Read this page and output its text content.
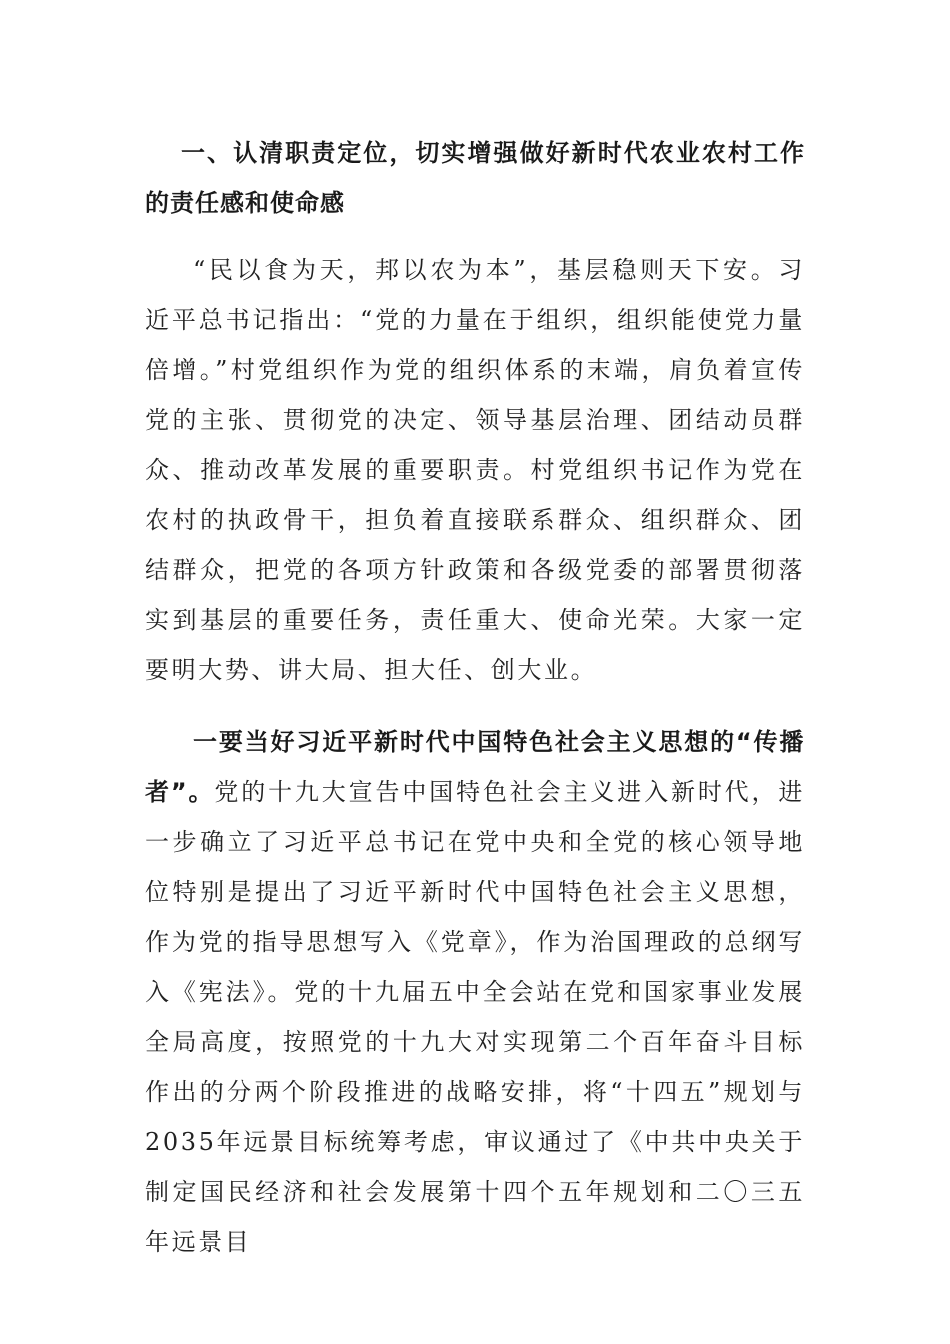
一、认清职责定位，切实增强做好新时代农业农村工作的责任感和使命感

“民以食为天，邦以农为本”，基层稳则天下安。习近平总书记指出：“党的力量在于组织，组织能使党力量倍增。”村党组织作为党的组织体系的末端，肩负着宣传党的主张、贯彻党的决定、领导基层治理、团结动员群众、推动改革发展的重要职责。村党组织书记作为党在农村的执政骨干，担负着直接联系群众、组织群众、团结群众，把党的各项方针政策和各级党委的部署贯彻落实到基层的重要任务，责任重大、使命光荣。大家一定要明大势、讲大局、担大任、创大业。

一要当好习近平新时代中国特色社会主义思想的“传播者”。党的十九大宣告中国特色社会主义进入新时代，进一步确立了习近平总书记在党中央和全党的核心领导地位特别是提出了习近平新时代中国特色社会主义思想，作为党的指导思想写入《党章》，作为治国理政的总纲写入《宪法》。党的十九届五中全会站在党和国家事业发展全局高度，按照党的十九大对实现第二个百年奋斗目标作出的分两个阶段推进的战略安排，将“十四五”规划与2035年远景目标统筹考虑，审议通过了《中共中央关于制定国民经济和社会发展第十四个五年规划和二〇三五年远景目
